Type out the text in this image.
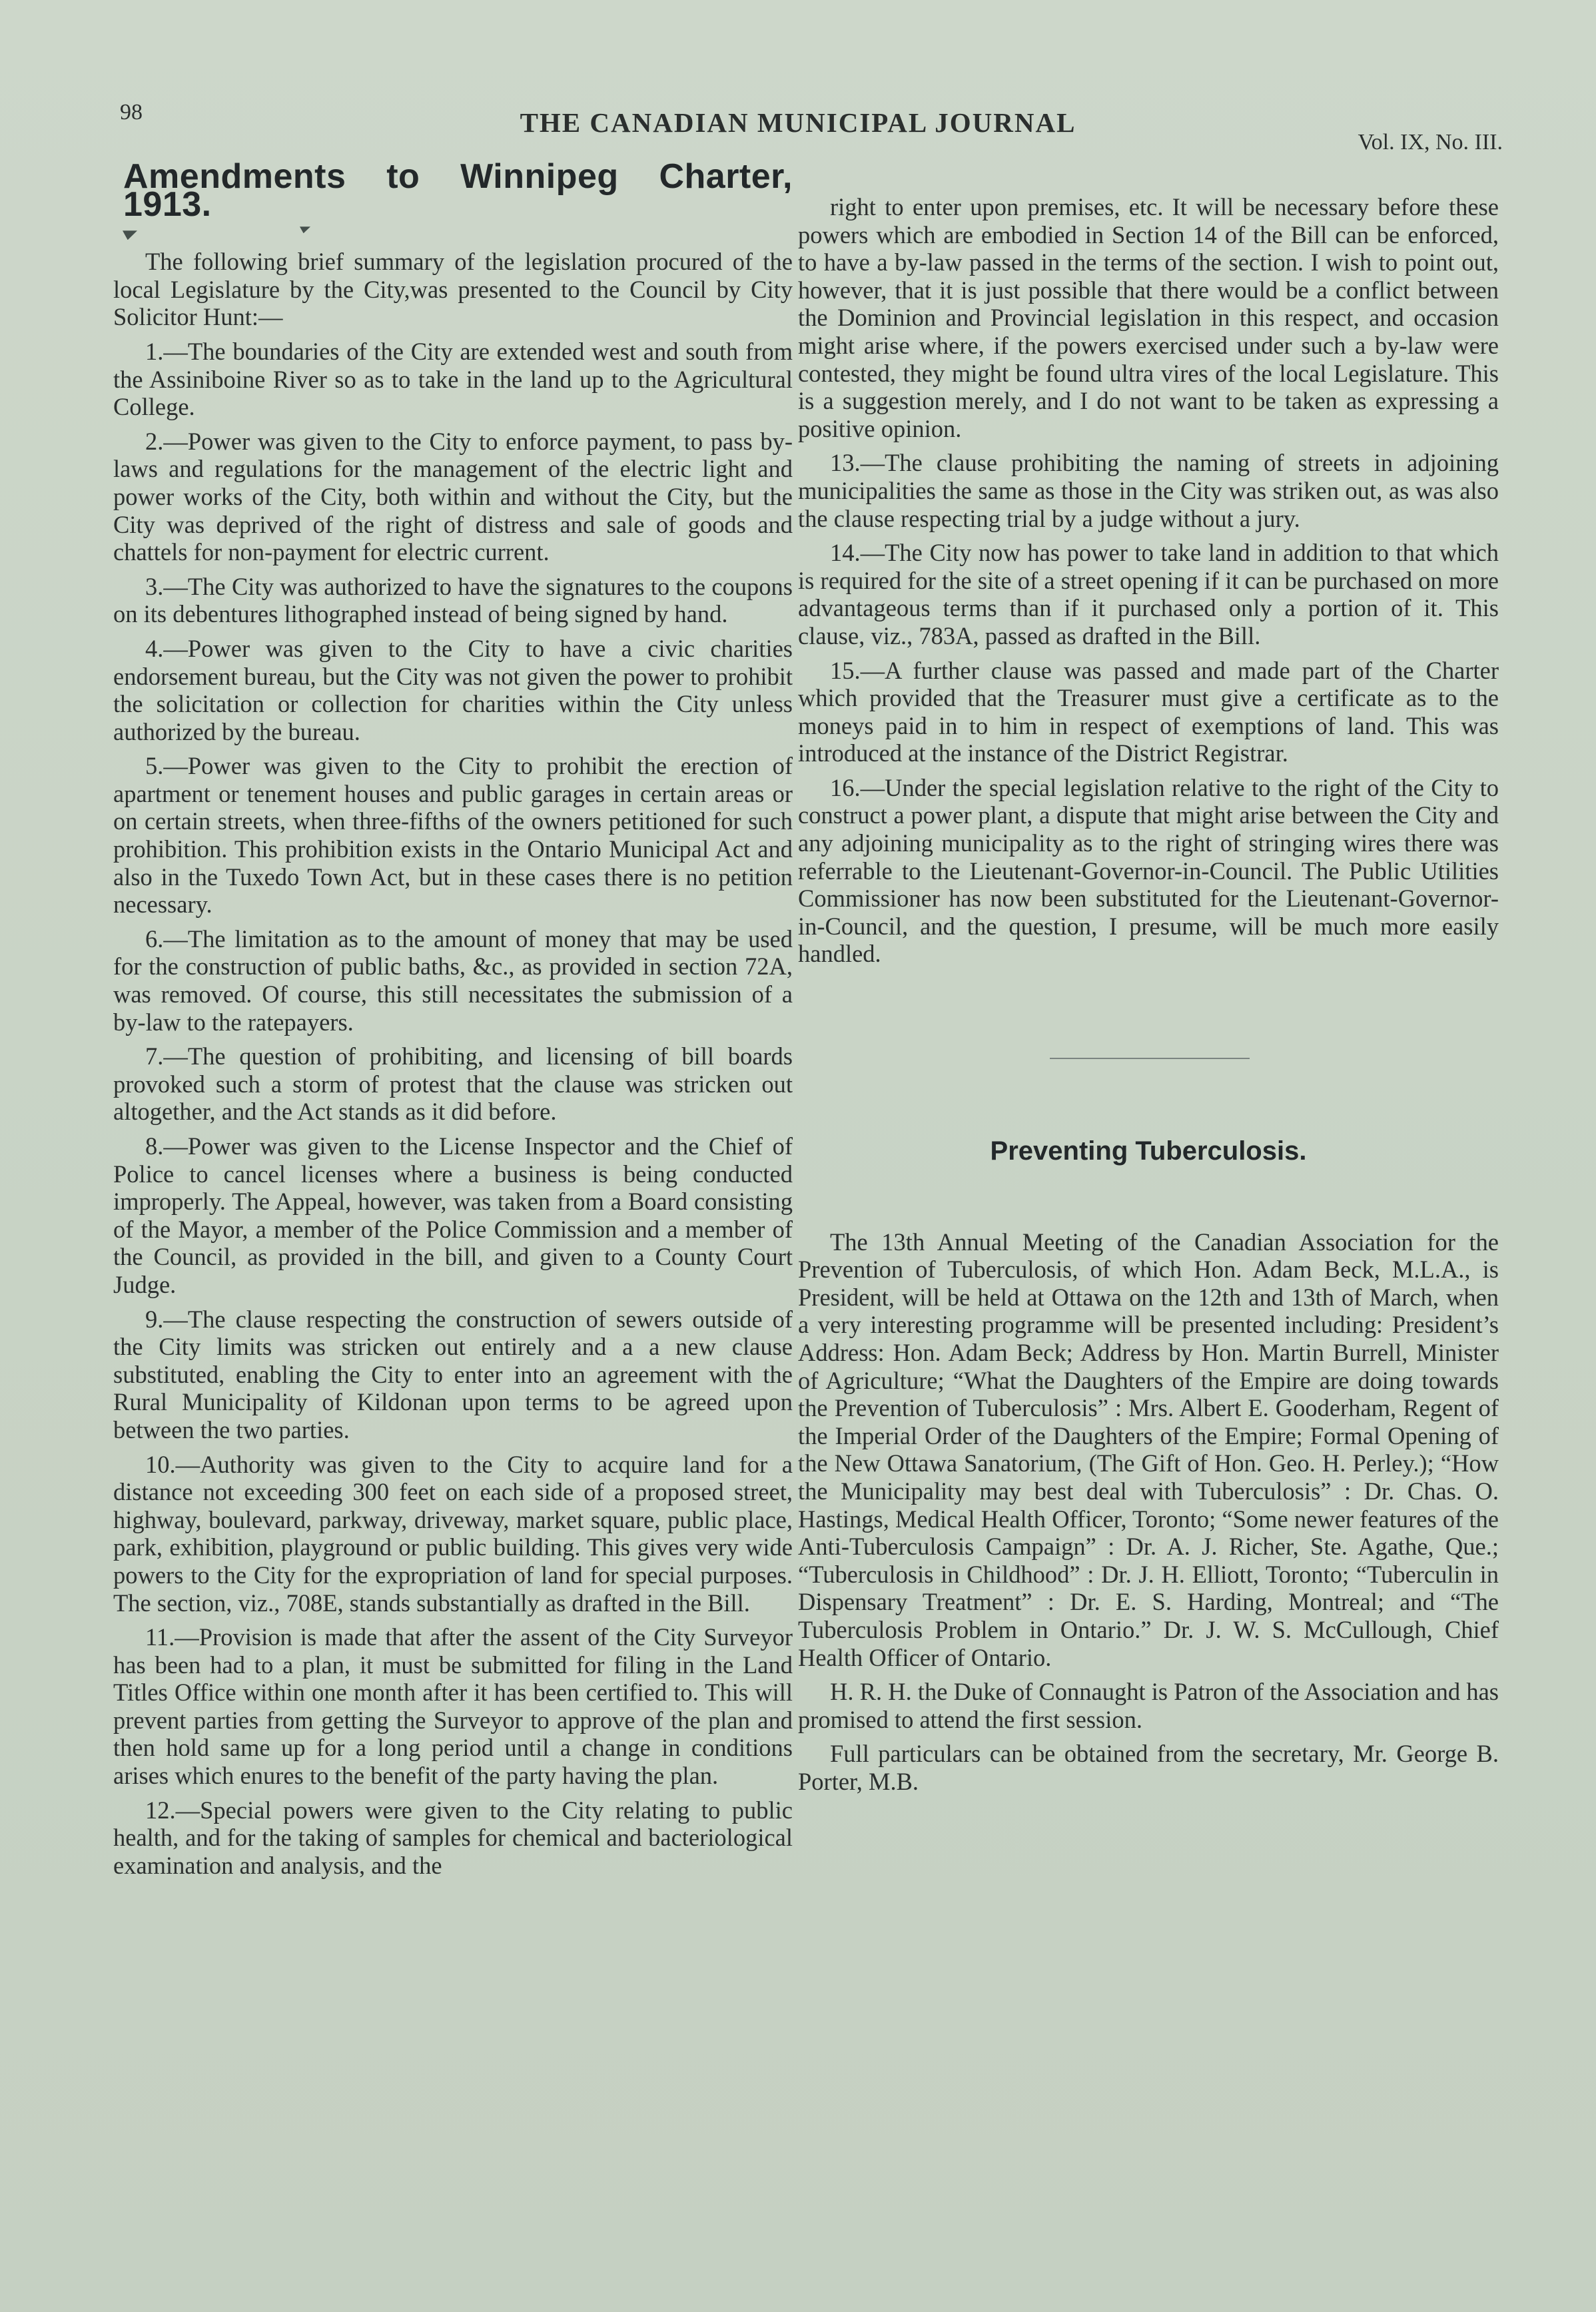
98	THE CANADIAN MUNICIPAL JOURNAL
Vol. IX, No. III.
Amendments to Winnipeg Charter, 1913.

The following brief summary of the legislation procured of the local Legislature by the City,was presented to the Council by City Solicitor Hunt:—

1.—The boundaries of the City are extended west and south from the Assiniboine River so as to take in the land up to the Agricultural College.

2.—Power was given to the City to enforce payment, to pass by-laws and regulations for the management of the electric light and power works of the City, both within and without the City, but the City was deprived of the right of distress and sale of goods and chattels for non-payment for electric current.

3.—The City was authorized to have the signatures to the coupons on its debentures lithographed instead of being signed by hand.

4.—Power was given to the City to have a civic charities endorsement bureau, but the City was not given the power to prohibit the solicitation or collection for charities within the City unless authorized by the bureau.

5.—Power was given to the City to prohibit the erection of apartment or tenement houses and public garages in certain areas or on certain streets, when three-fifths of the owners petitioned for such prohibition. This prohibition exists in the Ontario Municipal Act and also in the Tuxedo Town Act, but in these cases there is no petition necessary.

6.—The limitation as to the amount of money that may be used for the construction of public baths, &c., as provided in section 72A, was removed. Of course, this still necessitates the submission of a by-law to the ratepayers.

7.—The question of prohibiting, and licensing of bill boards provoked such a storm of protest that the clause was stricken out altogether, and the Act stands as it did before.

8.—Power was given to the License Inspector and the Chief of Police to cancel licenses where a business is being conducted improperly. The Appeal, however, was taken from a Board consisting of the Mayor, a member of the Police Commission and a member of the Council, as provided in the bill, and given to a County Court Judge.

9.—The clause respecting the construction of sewers outside of the City limits was stricken out entirely and a a new clause substituted, enabling the City to enter into an agreement with the Rural Municipality of Kildonan upon terms to be agreed upon between the two parties.

10.—Authority was given to the City to acquire land for a distance not exceeding 300 feet on each side of a proposed street, highway, boulevard, parkway, driveway, market square, public place, park, exhibition, playground or public building. This gives very wide powers to the City for the expropriation of land for special purposes. The section, viz., 708E, stands substantially as drafted in the Bill.

11.—Provision is made that after the assent of the City Surveyor has been had to a plan, it must be submitted for filing in the Land Titles Office within one month after it has been certified to. This will prevent parties from getting the Surveyor to approve of the plan and then hold same up for a long period until a change in conditions arises which enures to the benefit of the party having the plan.

12.—Special powers were given to the City relating to public health, and for the taking of samples for chemical and bacteriological examination and analysis, and the

right to enter upon premises, etc. It will be necessary before these powers which are embodied in Section 14 of the Bill can be enforced, to have a by-law passed in the terms of the section. I wish to point out, however, that it is just possible that there would be a conflict between the Dominion and Provincial legislation in this respect, and occasion might arise where, if the powers exercised under such a by-law were contested, they might be found ultra vires of the local Legislature. This is a suggestion merely, and I do not want to be taken as expressing a positive opinion.

13.—The clause prohibiting the naming of streets in adjoining municipalities the same as those in the City was striken out, as was also the clause respecting trial by a judge without a jury.

14.—The City now has power to take land in addition to that which is required for the site of a street opening if it can be purchased on more advantageous terms than if it purchased only a portion of it. This clause, viz., 783A, passed as drafted in the Bill.

15.—A further clause was passed and made part of the Charter which provided that the Treasurer must give a certificate as to the moneys paid in to him in respect of exemptions of land. This was introduced at the instance of the District Registrar.

16.—Under the special legislation relative to the right of the City to construct a power plant, a dispute that might arise between the City and any adjoining municipality as to the right of stringing wires there was referrable to the Lieutenant-Governor-in-Council. The Public Utilities Commissioner has now been substituted for the Lieutenant-Governor-in-Council, and the question, I presume, will be much more easily handled.

Preventing Tuberculosis.

The 13th Annual Meeting of the Canadian Association for the Prevention of Tuberculosis, of which Hon. Adam Beck, M.L.A., is President, will be held at Ottawa on the 12th and 13th of March, when a very interesting programme will be presented including: President’s Address: Hon. Adam Beck; Address by Hon. Martin Burrell, Minister of Agriculture; “What the Daughters of the Empire are doing towards the Prevention of Tuberculosis” : Mrs. Albert E. Gooderham, Regent of the Imperial Order of the Daughters of the Empire; Formal Opening of the New Ottawa Sanatorium, (The Gift of Hon. Geo. H. Perley.); “How the Municipality may best deal with Tuberculosis” : Dr. Chas. O. Hastings, Medical Health Officer, Toronto; “Some newer features of the Anti-Tuberculosis Campaign” : Dr. A. J. Richer, Ste. Agathe, Que.; “Tuberculosis in Childhood” : Dr. J. H. Elliott, Toronto; “Tuberculin in Dispensary Treatment” : Dr. E. S. Harding, Montreal; and “The Tuberculosis Problem in Ontario.” Dr. J. W. S. McCullough, Chief Health Officer of Ontario.

H. R. H. the Duke of Connaught is Patron of the Association and has promised to attend the first session.

Full particulars can be obtained from the secretary, Mr. George B. Porter, M.B.
